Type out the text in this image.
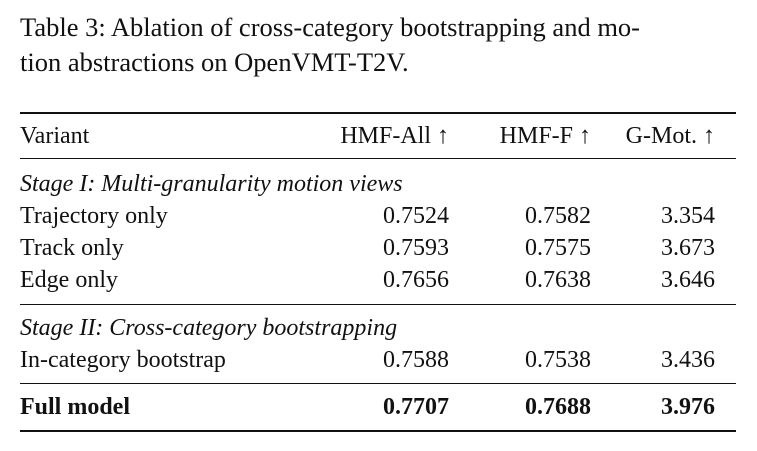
Table 3: Ablation of cross-category bootstrapping and mo-
tion abstractions on OpenVMT-T2V.
Variant	HMF-All ↑ HMF-F ↑ G-Mot. ↑
Stage I: Multi-granularity motion views
Trajectory only	0.7524	0.7582	3.354
Track only	0.7593	0.7575	3.673
Edge only	0.7656	0.7638	3.646
Stage II: Cross-category bootstrapping
In-category bootstrap	0.7588	0.7538	3.436
Full model	0.7707	0.7688	3.976
